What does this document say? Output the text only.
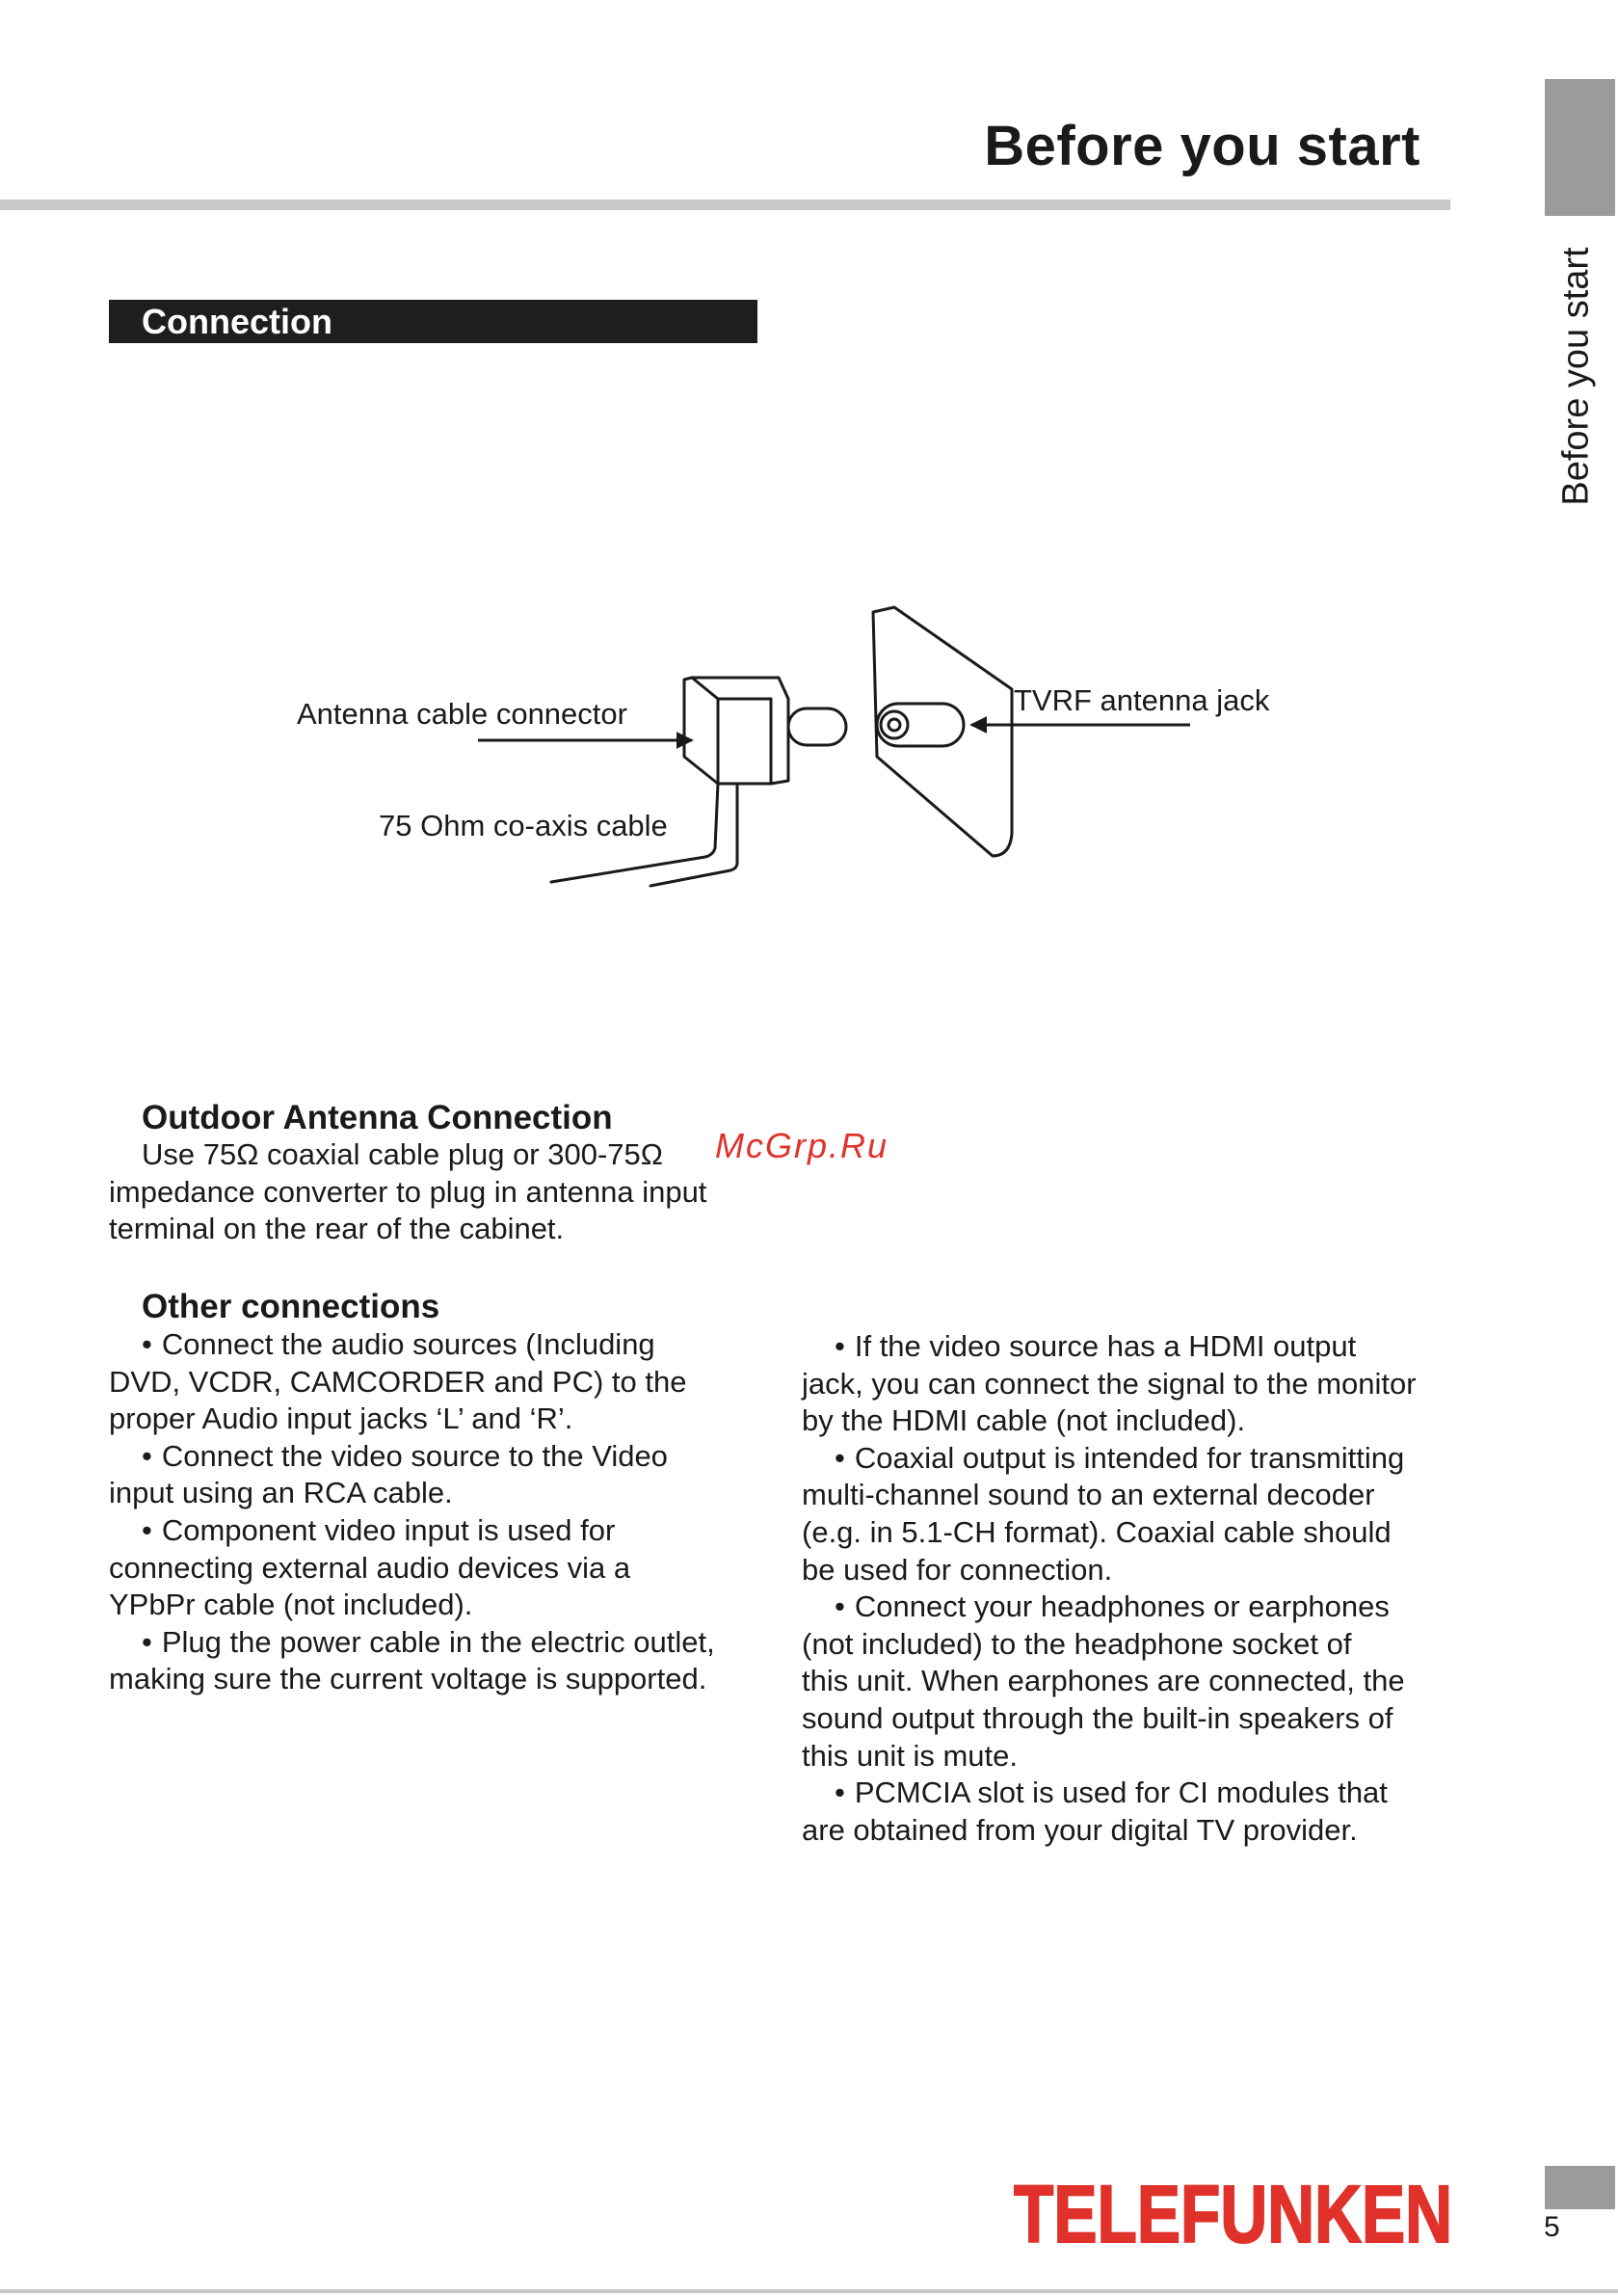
Before you start
Before you start
Connection
Antenna cable connector
75 Ohm co-axis cable
TVRF antenna jack
McGrp.Ru
Outdoor Antenna Connection

Use 75Ω coaxial cable plug or 300-75Ω

impedance converter to plug in antenna input

terminal on the rear of the cabinet.

Other connections

• Connect the audio sources (Including

DVD, VCDR, CAMCORDER and PC) to the

proper Audio input jacks ‘L’ and ‘R’.

• Connect the video source to the Video

input using an RCA cable.

• Component video input is used for

connecting external audio devices via a

YPbPr cable (not included).

• Plug the power cable in the electric outlet,

making sure the current voltage is supported.

• If the video source has a HDMI output

jack, you can connect the signal to the monitor

by the HDMI cable (not included).

• Coaxial output is intended for transmitting

multi-channel sound to an external decoder

(e.g. in 5.1-CH format). Coaxial cable should

be used for connection.

• Connect your headphones or earphones

(not included) to the headphone socket of

this unit. When earphones are connected, the

sound output through the built-in speakers of

this unit is mute.

• PCMCIA slot is used for CI modules that

are obtained from your digital TV provider.

TELEFUNKEN	5
